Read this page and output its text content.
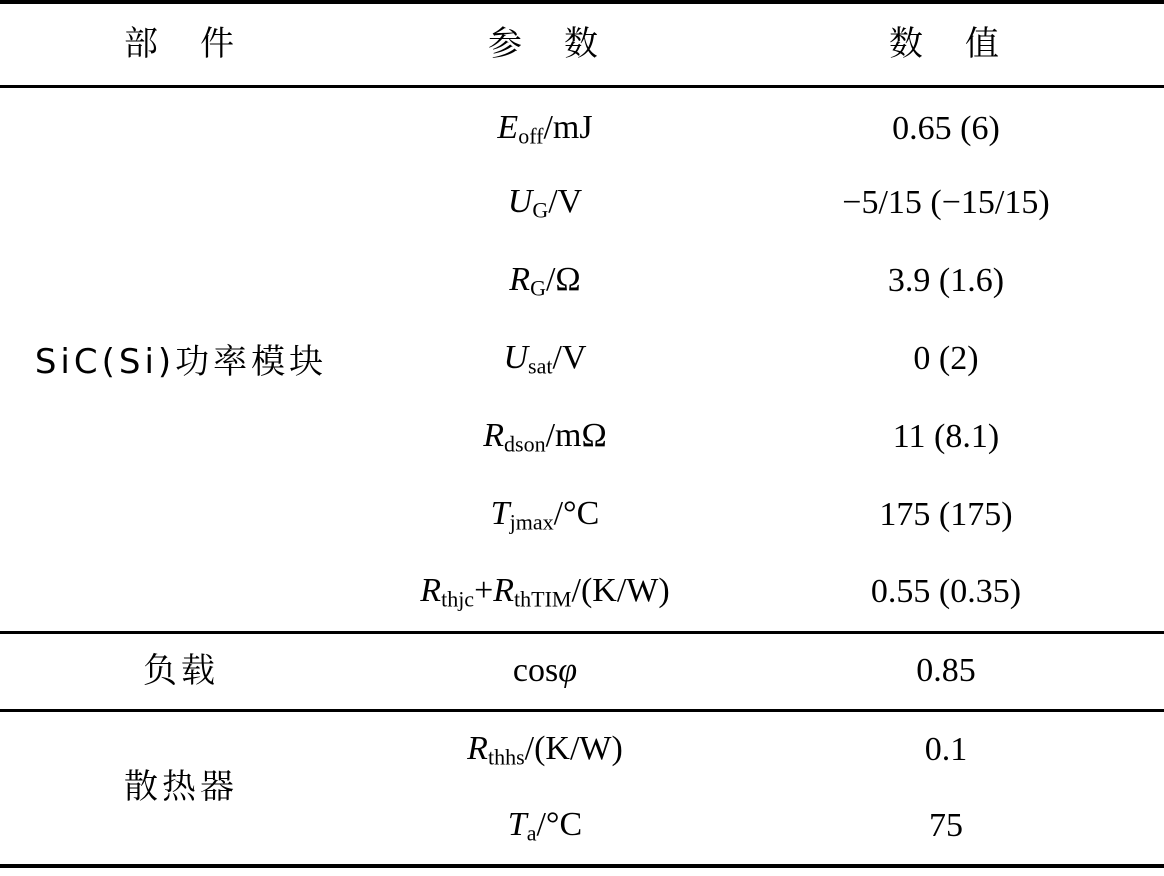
部　件	参　数	数　值
SiC(Si)功率模块	$E_{off}/mJ$	0.65 (6)
	$U_G/V$	−5/15 (−15/15)
	$R_G/\Omega$	3.9 (1.6)
	$U_{sat}/V$	0 (2)
	$R_{dson}/m\Omega$	11 (8.1)
	$T_{jmax}/^\circ C$	175 (175)
	$R_{thjc}+R_{thTIM}/(K/W)$	0.55 (0.35)
负载	cosφ	0.85
散热器	$R_{thhs}/(K/W)$	0.1
	$T_a/^\circ C$	75
